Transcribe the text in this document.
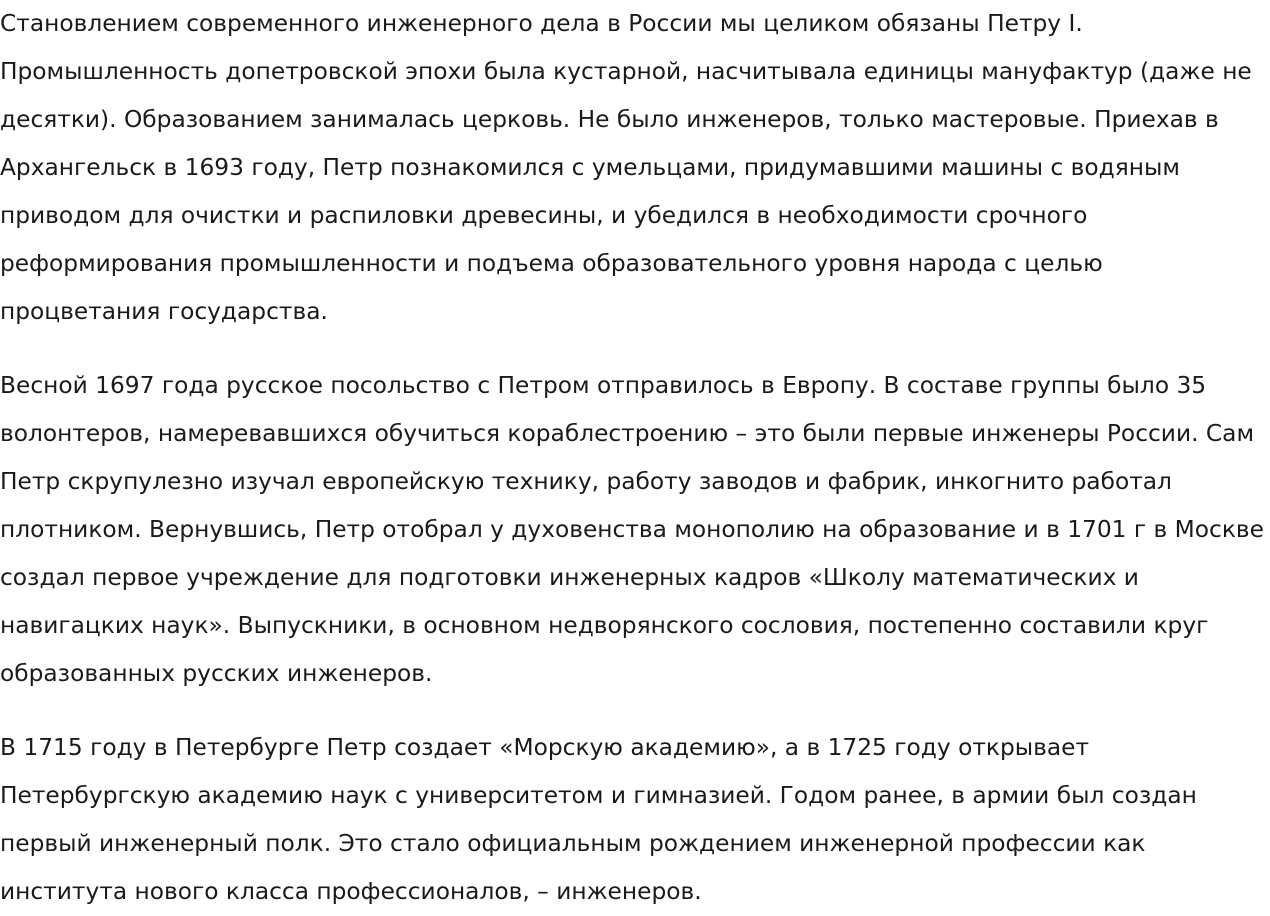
Становлением современного инженерного дела в России мы целиком обязаны Петру I. Промышленность допетровской эпохи была кустарной, насчитывала единицы мануфактур (даже не десятки). Образованием занималась церковь. Не было инженеров, только мастеровые. Приехав в Архангельск в 1693 году, Петр познакомился с умельцами, придумавшими машины с водяным приводом для очистки и распиловки древесины, и убедился в необходимости срочного реформирования промышленности и подъема образовательного уровня народа с целью процветания государства.

Весной 1697 года русское посольство с Петром отправилось в Европу. В составе группы было 35 волонтеров, намеревавшихся обучиться кораблестроению – это были первые инженеры России. Сам Петр скрупулезно изучал европейскую технику, работу заводов и фабрик, инкогнито работал плотником. Вернувшись, Петр отобрал у духовенства монополию на образование и в 1701 г в Москве создал первое учреждение для подготовки инженерных кадров «Школу математических и навигацких наук». Выпускники, в основном недворянского сословия, постепенно составили круг образованных русских инженеров.

В 1715 году в Петербурге Петр создает «Морскую академию», а в 1725 году открывает Петербургскую академию наук с университетом и гимназией. Годом ранее, в армии был создан первый инженерный полк. Это стало официальным рождением инженерной профессии как института нового класса профессионалов, – инженеров.
